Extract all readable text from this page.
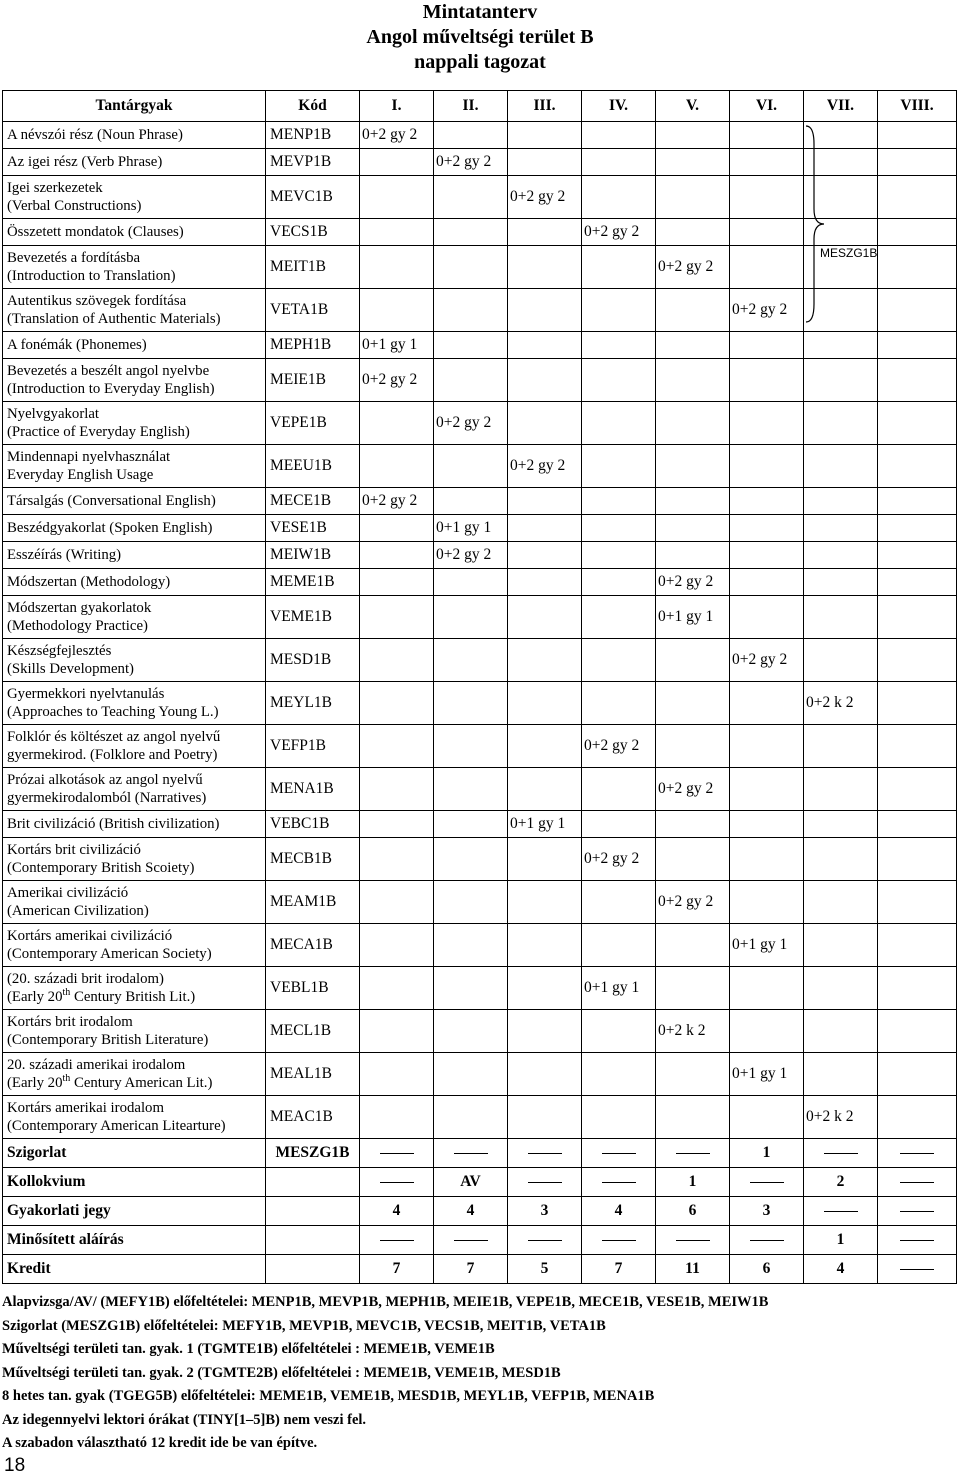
Mintatanterv
Angol műveltségi terület B
nappali tagozat
Tantárgyak	Kód	I.	II.	III.	IV.	V.	VI.	VII.	VIII.

A névszói rész (Noun Phrase)	MENP1B	0+2 gy 2							

Az igei rész (Verb Phrase)	MEVP1B		0+2 gy 2						

Igei szerkezetek
(Verbal Constructions)	MEVC1B			0+2 gy 2					

Összetett mondatok (Clauses)	VECS1B				0+2 gy 2				

Bevezetés a fordításba
(Introduction to Translation)	MEIT1B					0+2 gy 2			

Autentikus szövegek fordítása
(Translation of Authentic Materials)	VETA1B						0+2 gy 2		

A fonémák (Phonemes)	MEPH1B	0+1 gy 1							

Bevezetés a beszélt angol nyelvbe
(Introduction to Everyday English)	MEIE1B	0+2 gy 2							

Nyelvgyakorlat
(Practice of Everyday English)	VEPE1B		0+2 gy 2						

Mindennapi nyelvhasználat
Everyday English Usage	MEEU1B			0+2 gy 2					

Társalgás (Conversational English)	MECE1B	0+2 gy 2							

Beszédgyakorlat (Spoken English)	VESE1B		0+1 gy 1						

Esszéírás (Writing)	MEIW1B		0+2 gy 2						

Módszertan (Methodology)	MEME1B					0+2 gy 2			

Módszertan gyakorlatok
(Methodology Practice)	VEME1B					0+1 gy 1			

Készségfejlesztés
(Skills Development)	MESD1B						0+2 gy 2		

Gyermekkori nyelvtanulás
(Approaches to Teaching Young L.)	MEYL1B							0+2 k 2	

Folklór és költészet az angol nyelvű
gyermekirod. (Folklore and Poetry)	VEFP1B				0+2 gy 2				

Prózai alkotások az angol nyelvű
gyermekirodalomból (Narratives)	MENA1B					0+2 gy 2			

Brit civilizáció (British civilization)	VEBC1B			0+1 gy 1					

Kortárs brit civilizáció
(Contemporary British Scoiety)	MECB1B				0+2 gy 2				

Amerikai civilizáció
(American Civilization)	MEAM1B					0+2 gy 2			

Kortárs amerikai civilizáció
(Contemporary American Society)	MECA1B						0+1 gy 1		

(20. századi brit irodalom)
(Early 20th Century British Lit.)	VEBL1B				0+1 gy 1				

Kortárs brit irodalom
(Contemporary British Literature)	MECL1B					0+2 k 2			

20. századi amerikai irodalom
(Early 20th Century American Lit.)	MEAL1B						0+1 gy 1		

Kortárs amerikai irodalom
(Contemporary American Litearture)	MEAC1B							0+2 k 2	
Szigorlat	MESZG1B						1		
Kollokvium			AV			1		2	
Gyakorlati jegy		4	4	3	4	6	3		
Minősített aláírás								1	
Kredit		7	7	5	7	11	6	4	
MESZG1B
Alapvizsga/AV/ (MEFY1B) előfeltételei: MENP1B, MEVP1B, MEPH1B, MEIE1B, VEPE1B, MECE1B, VESE1B, MEIW1B
Szigorlat (MESZG1B) előfeltételei: MEFY1B, MEVP1B, MEVC1B, VECS1B, MEIT1B, VETA1B
Műveltségi területi tan. gyak. 1 (TGMTE1B) előfeltételei : MEME1B, VEME1B
Műveltségi területi tan. gyak. 2 (TGMTE2B) előfeltételei : MEME1B, VEME1B, MESD1B
8 hetes tan. gyak (TGEG5B) előfeltételei: MEME1B, VEME1B, MESD1B, MEYL1B, VEFP1B, MENA1B
Az idegennyelvi lektori órákat (TINY[1–5]B) nem veszi fel.
A szabadon választható 12 kredit ide be van építve.
18
